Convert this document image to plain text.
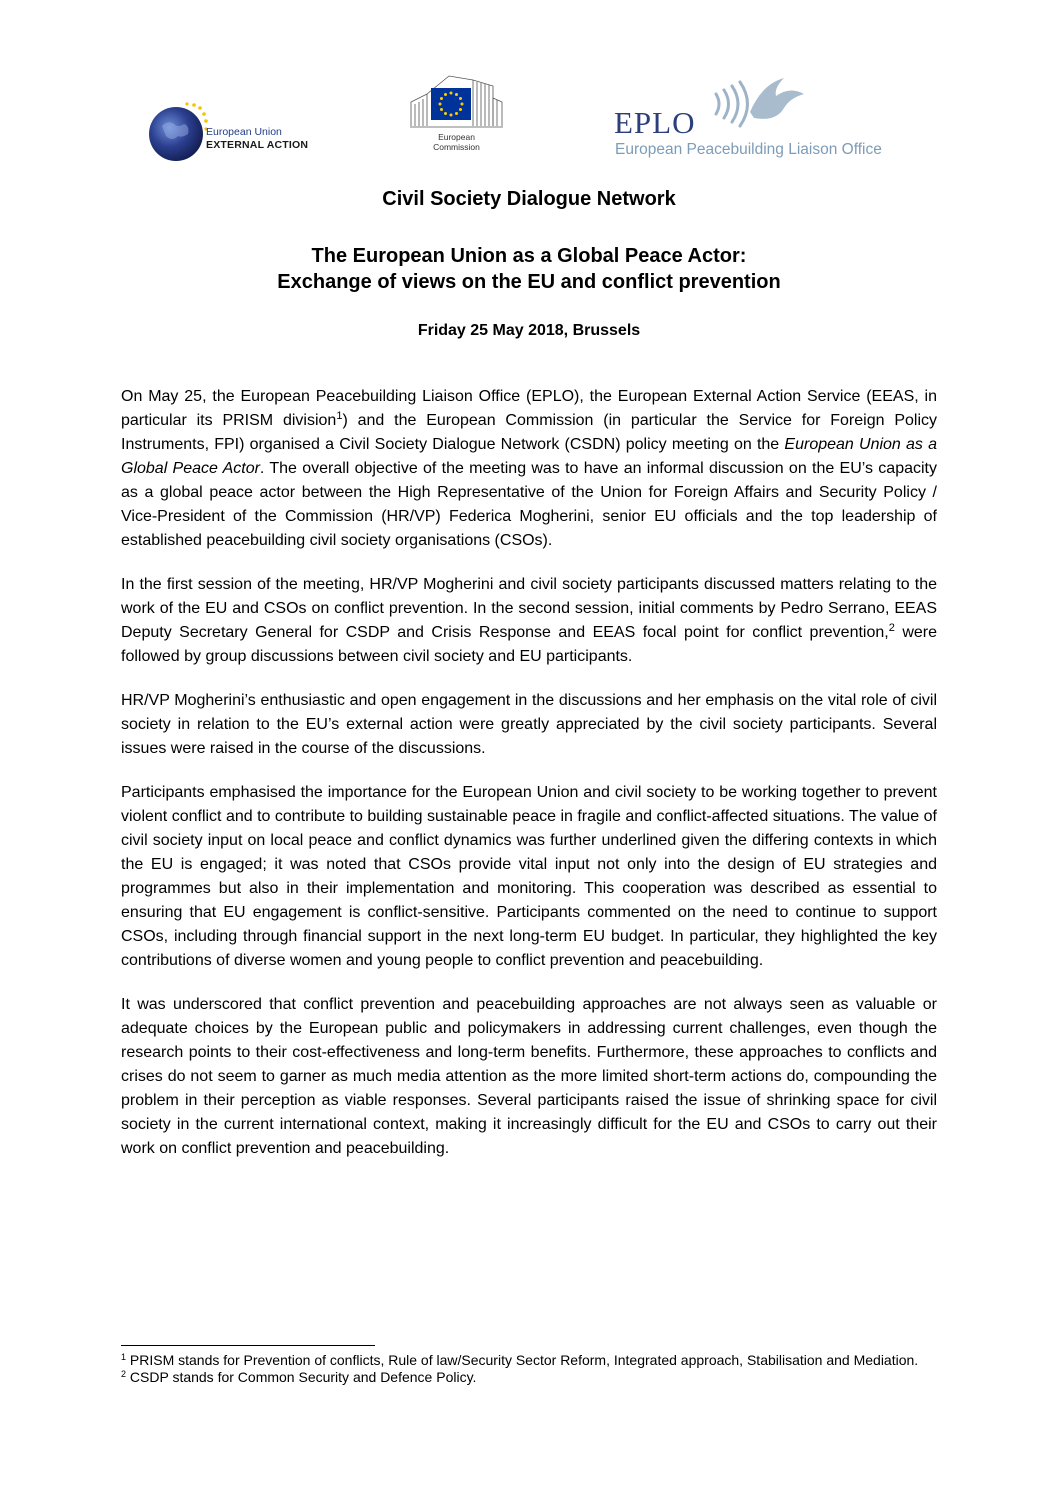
European Union
EXTERNAL ACTION
European
Commission
EPLO
European Peacebuilding Liaison Office
Civil Society Dialogue Network
The European Union as a Global Peace Actor:
Exchange of views on the EU and conflict prevention
Friday 25 May 2018, Brussels

On May 25, the European Peacebuilding Liaison Office (EPLO), the European External Action Service (EEAS, in particular its PRISM division$^1$) and the European Commission (in particular the Service for Foreign Policy Instruments, FPI) organised a Civil Society Dialogue Network (CSDN) policy meeting on the European Union as a Global Peace Actor. The overall objective of the meeting was to have an informal discussion on the EU’s capacity as a global peace actor between the High Representative of the Union for Foreign Affairs and Security Policy / Vice-President of the Commission (HR/VP) Federica Mogherini, senior EU officials and the top leadership of established peacebuilding civil society organisations (CSOs).

In the first session of the meeting, HR/VP Mogherini and civil society participants discussed matters relating to the work of the EU and CSOs on conflict prevention. In the second session, initial comments by Pedro Serrano, EEAS Deputy Secretary General for CSDP and Crisis Response and EEAS focal point for conflict prevention,$^2$ were followed by group discussions between civil society and EU participants.

HR/VP Mogherini’s enthusiastic and open engagement in the discussions and her emphasis on the vital role of civil society in relation to the EU’s external action were greatly appreciated by the civil society participants. Several issues were raised in the course of the discussions.

Participants emphasised the importance for the European Union and civil society to be working together to prevent violent conflict and to contribute to building sustainable peace in fragile and conflict-affected situations. The value of civil society input on local peace and conflict dynamics was further underlined given the differing contexts in which the EU is engaged; it was noted that CSOs provide vital input not only into the design of EU strategies and programmes but also in their implementation and monitoring. This cooperation was described as essential to ensuring that EU engagement is conflict-sensitive. Participants commented on the need to continue to support CSOs, including through financial support in the next long-term EU budget. In particular, they highlighted the key contributions of diverse women and young people to conflict prevention and peacebuilding.

It was underscored that conflict prevention and peacebuilding approaches are not always seen as valuable or adequate choices by the European public and policymakers in addressing current challenges, even though the research points to their cost-effectiveness and long-term benefits. Furthermore, these approaches to conflicts and crises do not seem to garner as much media attention as the more limited short-term actions do, compounding the problem in their perception as viable responses. Several participants raised the issue of shrinking space for civil society in the current international context, making it increasingly difficult for the EU and CSOs to carry out their work on conflict prevention and peacebuilding.

$^1$ PRISM stands for Prevention of conflicts, Rule of law/Security Sector Reform, Integrated approach, Stabilisation and Mediation.

$^2$ CSDP stands for Common Security and Defence Policy.
